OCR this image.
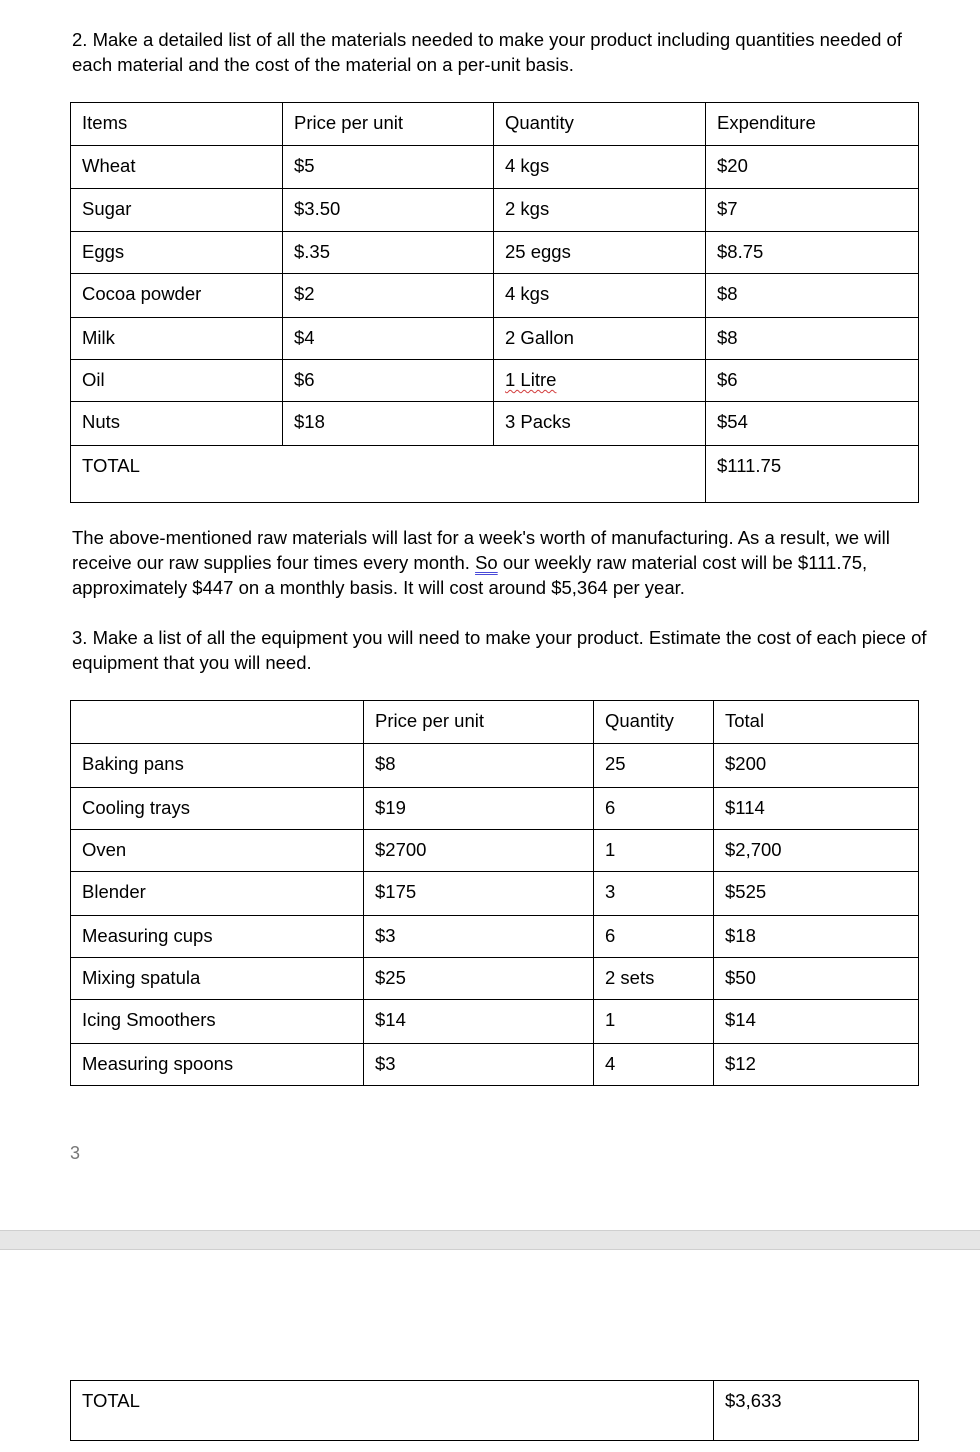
2. Make a detailed list of all the materials needed to make your product including quantities needed of each material and the cost of the material on a per-unit basis.

Items	Price per unit	Quantity	Expenditure
Wheat	$5	4 kgs	$20
Sugar	$3.50	2 kgs	$7
Eggs	$.35	25 eggs	$8.75
Cocoa powder	$2	4 kgs	$8
Milk	$4	2 Gallon	$8
Oil	$6	1 Litre	$6
Nuts	$18	3 Packs	$54
TOTAL			$111.75

The above-mentioned raw materials will last for a week's worth of manufacturing. As a result, we will receive our raw supplies four times every month. So our weekly raw material cost will be $111.75, approximately $447 on a monthly basis. It will cost around $5,364 per year.

3. Make a list of all the equipment you will need to make your product. Estimate the cost of each piece of equipment that you will need.

	Price per unit	Quantity	Total
Baking pans	$8	25	$200
Cooling trays	$19	6	$114
Oven	$2700	1	$2,700
Blender	$175	3	$525
Measuring cups	$3	6	$18
Mixing spatula	$25	2 sets	$50
Icing Smoothers	$14	1	$14
Measuring spoons	$3	4	$12
3
TOTAL	$3,633
